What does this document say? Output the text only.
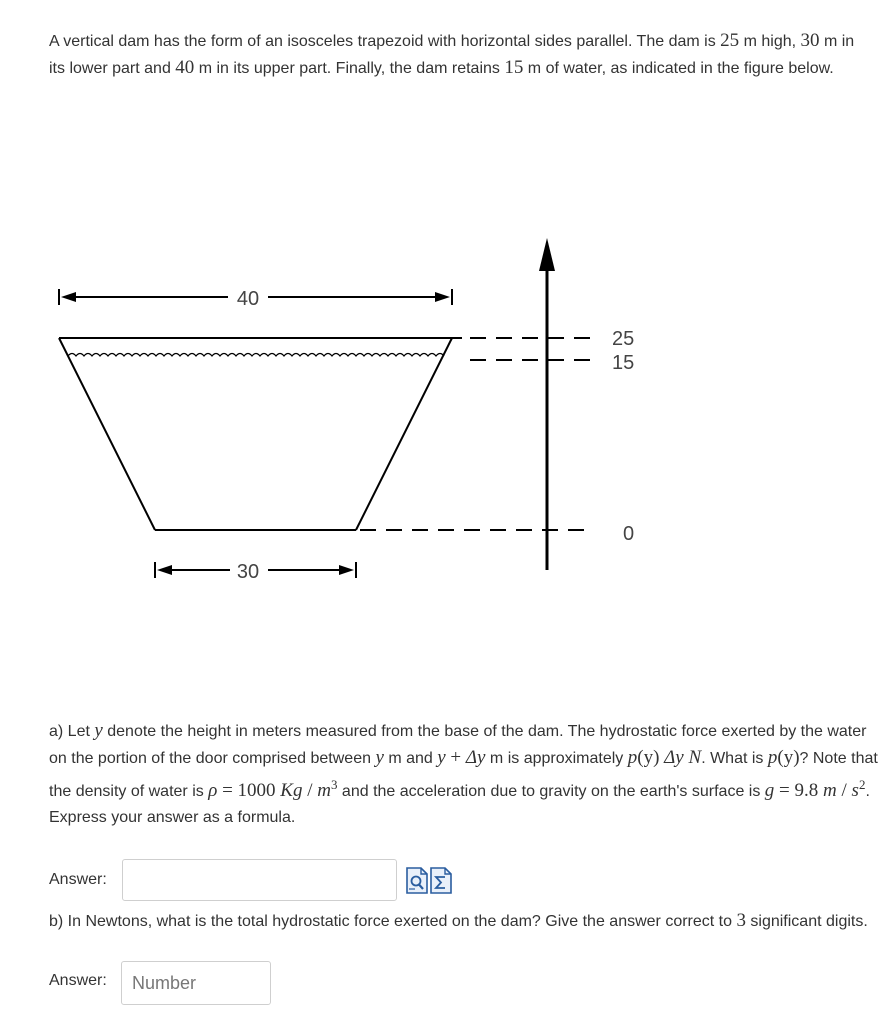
A vertical dam has the form of an isosceles trapezoid with horizontal sides parallel. The dam is 25 m high, 30 m in its lower part and 40 m in its upper part. Finally, the dam retains 15 m of water, as indicated in the figure below.

40
25
15
0
30

a) Let y denote the height in meters measured from the base of the dam. The hydrostatic force exerted by the water on the portion of the door comprised between y m and y + Δy m is approximately p(y) Δy N. What is p(y)? Note that the density of water is ρ = 1000 Kg / $m^3$ and the acceleration due to gravity on the earth's surface is g = 9.8 m / $s^2$. Express your answer as a formula.

Answer:

b) In Newtons, what is the total hydrostatic force exerted on the dam? Give the answer correct to 3 significant digits.

Answer:
Number
